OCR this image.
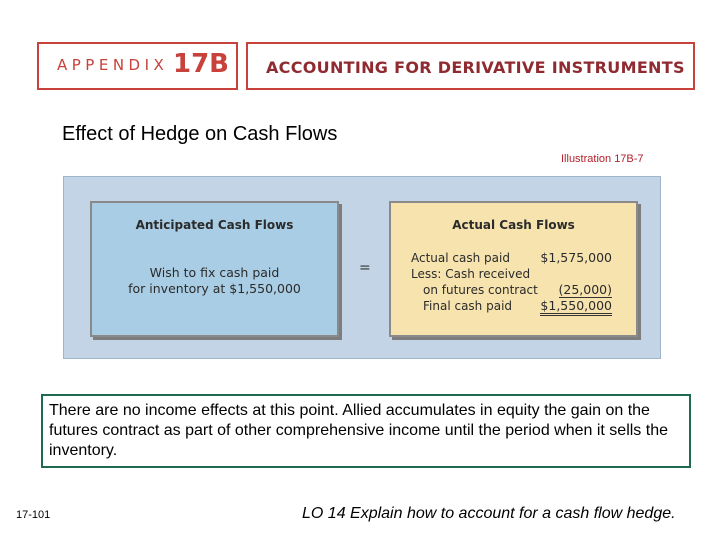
APPENDIX 17B ACCOUNTING FOR DERIVATIVE INSTRUMENTS
Effect of Hedge on Cash Flows
Illustration 17B-7
Anticipated Cash Flows
Wish to fix cash paid
for inventory at $1,550,000
=
Actual Cash Flows
Actual cash paid $1,575,000
Less: Cash received
on futures contract (25,000)
Final cash paid $1,550,000
There are no income effects at this point. Allied accumulates in equity the gain on the futures contract as part of other comprehensive income until the period when it sells the inventory.
17-101	LO 14 Explain how to account for a cash flow hedge.
